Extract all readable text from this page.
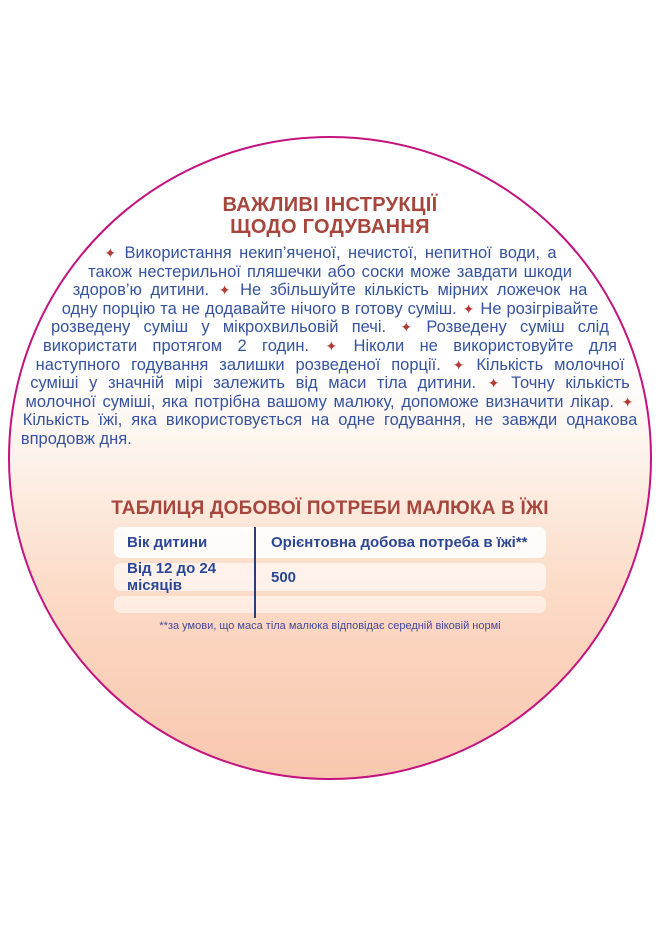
ВАЖЛИВІ ІНСТРУКЦІЇ
ЩОДО ГОДУВАННЯ

✦ Використання некип’яченої, нечистої, непитної води, а також нестерильної пляшечки або соски може завдати шкоди здоров’ю дитини. ✦ Не збільшуйте кількість мірних ложечок на одну порцію та не додавайте нічого в готову суміш. ✦ Не розігрівайте розведену суміш у мікрохвильовій печі. ✦ Розведену суміш слід використати протягом 2 годин. ✦ Ніколи не використовуйте для наступного годування залишки розведеної порції. ✦ Кількість молочної суміші у значній мірі залежить від маси тіла дитини. ✦ Точну кількість молочної суміші, яка потрібна вашому малюку, допоможе визначити лікар. ✦ Кількість їжі, яка використовується на одне годування, не завжди однакова впродовж дня.

ТАБЛИЦЯ ДОБОВОЇ ПОТРЕБИ МАЛЮКА В ЇЖІ
Вік дитини	Орієнтовна добова потреба в їжі**
Від 12 до 24 місяців	500

**за умови, що маса тіла малюка відповідає середній віковій нормі
